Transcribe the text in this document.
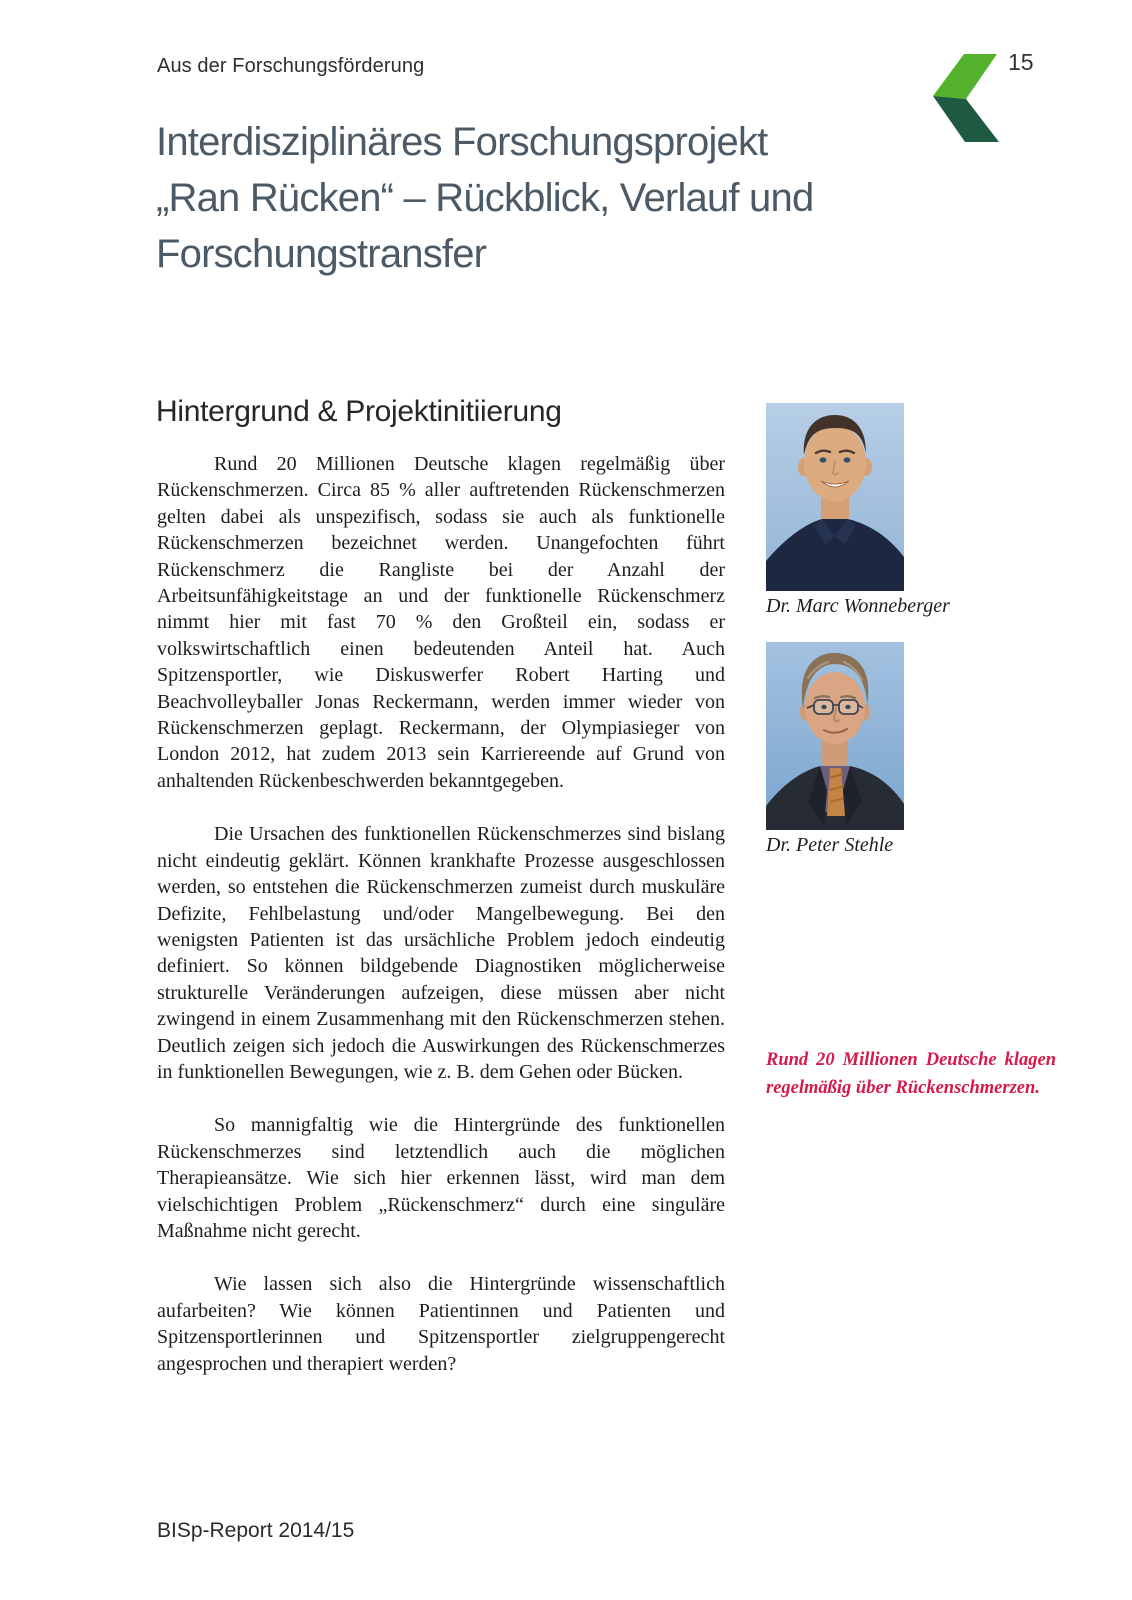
Aus der Forschungsförderung	15
Interdisziplinäres Forschungsprojekt
„Ran Rücken“ – Rückblick, Verlauf und
Forschungstransfer
Hintergrund & Projektinitiierung

Rund 20 Millionen Deutsche klagen regelmäßig über Rückenschmerzen. Circa 85 % aller auftretenden Rückenschmerzen gelten dabei als unspezifisch, sodass sie auch als funktionelle Rückenschmerzen bezeichnet werden. Unangefochten führt Rückenschmerz die Rangliste bei der Anzahl der Arbeitsunfähigkeitstage an und der funktionelle Rückenschmerz nimmt hier mit fast 70 % den Großteil ein, sodass er volkswirtschaftlich einen bedeutenden Anteil hat. Auch Spitzensportler, wie Diskuswerfer Robert Harting und Beachvolleyballer Jonas Reckermann, werden immer wieder von Rückenschmerzen geplagt. Reckermann, der Olympiasieger von London 2012, hat zudem 2013 sein Karriereende auf Grund von anhaltenden Rückenbeschwerden bekanntgegeben.

Die Ursachen des funktionellen Rückenschmerzes sind bislang nicht eindeutig geklärt. Können krankhafte Prozesse ausgeschlossen werden, so entstehen die Rückenschmerzen zumeist durch muskuläre Defizite, Fehlbelastung und/oder Mangelbewegung. Bei den wenigsten Patienten ist das ursächliche Problem jedoch eindeutig definiert. So können bildgebende Diagnostiken möglicherweise strukturelle Veränderungen aufzeigen, diese müssen aber nicht zwingend in einem Zusammenhang mit den Rückenschmerzen stehen. Deutlich zeigen sich jedoch die Auswirkungen des Rückenschmerzes in funktionellen Bewegungen, wie z. B. dem Gehen oder Bücken.

So mannigfaltig wie die Hintergründe des funktionellen Rückenschmerzes sind letztendlich auch die möglichen Therapieansätze. Wie sich hier erkennen lässt, wird man dem vielschichtigen Problem „Rückenschmerz“ durch eine singuläre Maßnahme nicht gerecht.

Wie lassen sich also die Hintergründe wissenschaftlich aufarbeiten? Wie können Patientinnen und Patienten und Spitzensportlerinnen und Spitzensportler zielgruppengerecht angesprochen und therapiert werden?

Dr. Marc Wonneberger
Dr. Peter Stehle
Rund 20 Millionen Deutsche klagen regelmäßig über Rückenschmerzen.
BISp-Report 2014/15
